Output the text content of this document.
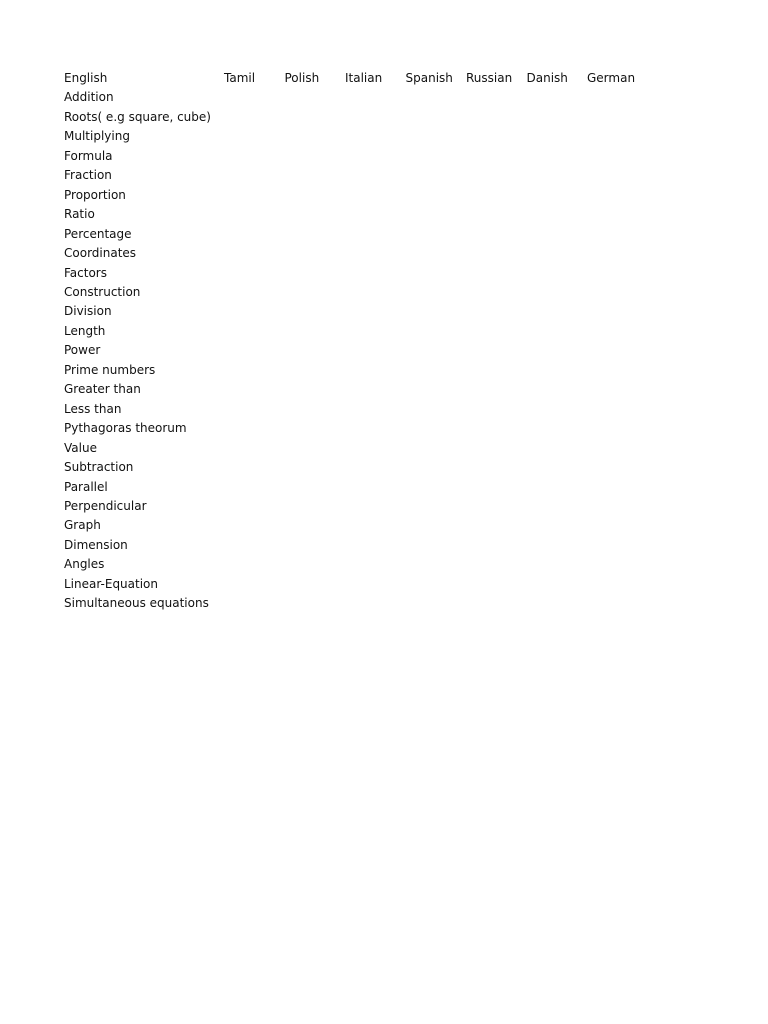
English	Tamil	Polish	Italian	Spanish	Russian	Danish	German
Addition							
Roots( e.g square, cube)							
Multiplying							
Formula							
Fraction							
Proportion							
Ratio							
Percentage							
Coordinates							
Factors							
Construction							
Division							
Length							
Power							
Prime numbers							
Greater than							
Less than							
Pythagoras theorum							
Value							
Subtraction							
Parallel							
Perpendicular							
Graph							
Dimension							
Angles							
Linear-Equation							
Simultaneous equations							
